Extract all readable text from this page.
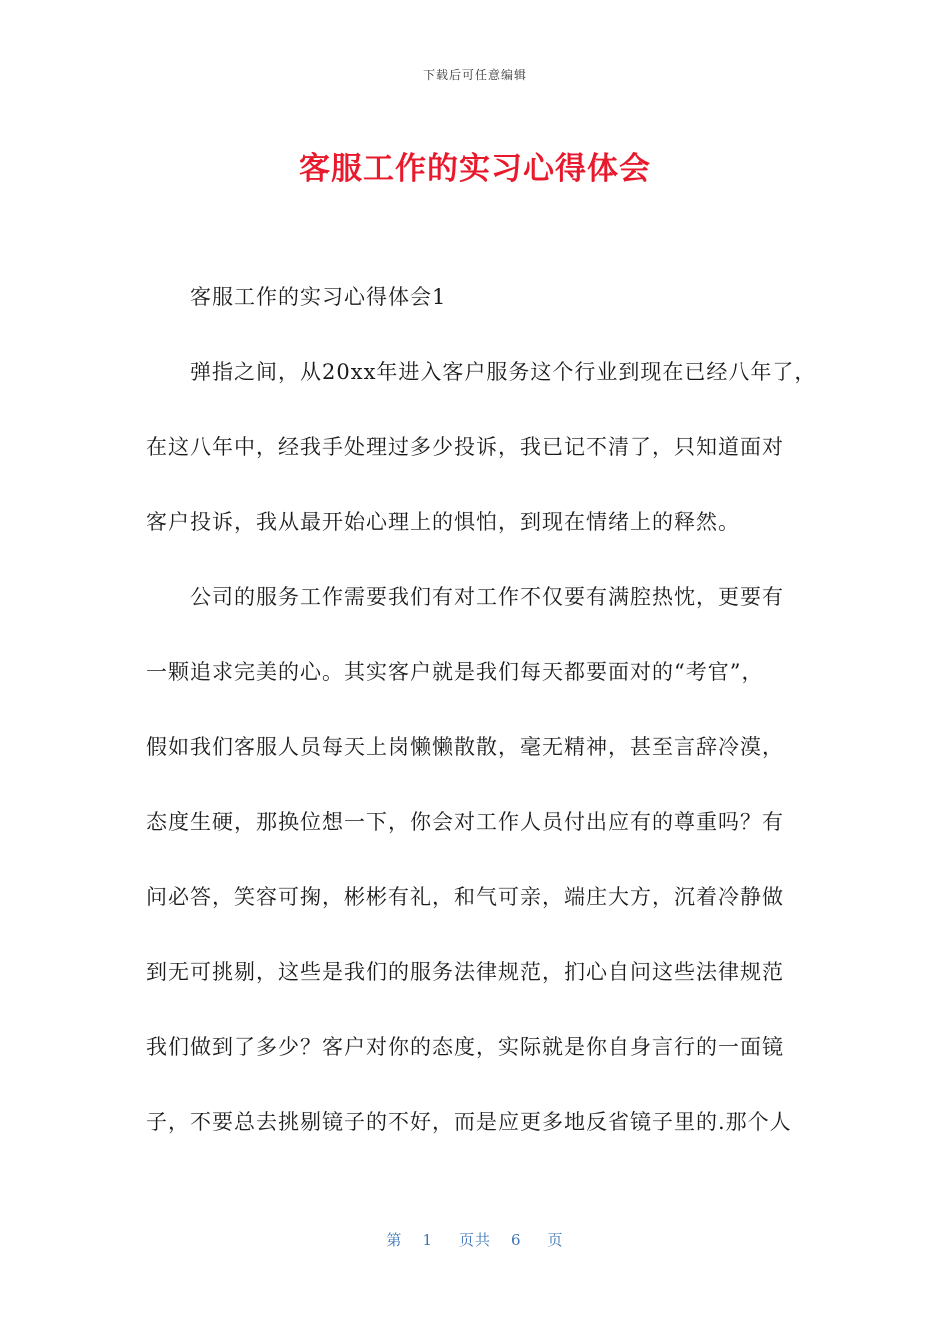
下载后可任意编辑
客服工作的实习心得体会
客服工作的实习心得体会1
弹指之间，从20xx年进入客户服务这个行业到现在已经八年了，
在这八年中，经我手处理过多少投诉，我已记不清了，只知道面对
客户投诉，我从最开始心理上的惧怕，到现在情绪上的释然。
公司的服务工作需要我们有对工作不仅要有满腔热忱，更要有
一颗追求完美的心。其实客户就是我们每天都要面对的“考官”，
假如我们客服人员每天上岗懒懒散散，毫无精神，甚至言辞冷漠，
态度生硬，那换位想一下，你会对工作人员付出应有的尊重吗？有
问必答，笑容可掬，彬彬有礼，和气可亲，端庄大方，沉着冷静做
到无可挑剔，这些是我们的服务法律规范，扪心自问这些法律规范
我们做到了多少？客户对你的态度，实际就是你自身言行的一面镜
子，不要总去挑剔镜子的不好，而是应更多地反省镜子里的.那个人
第 1 页共 6 页
